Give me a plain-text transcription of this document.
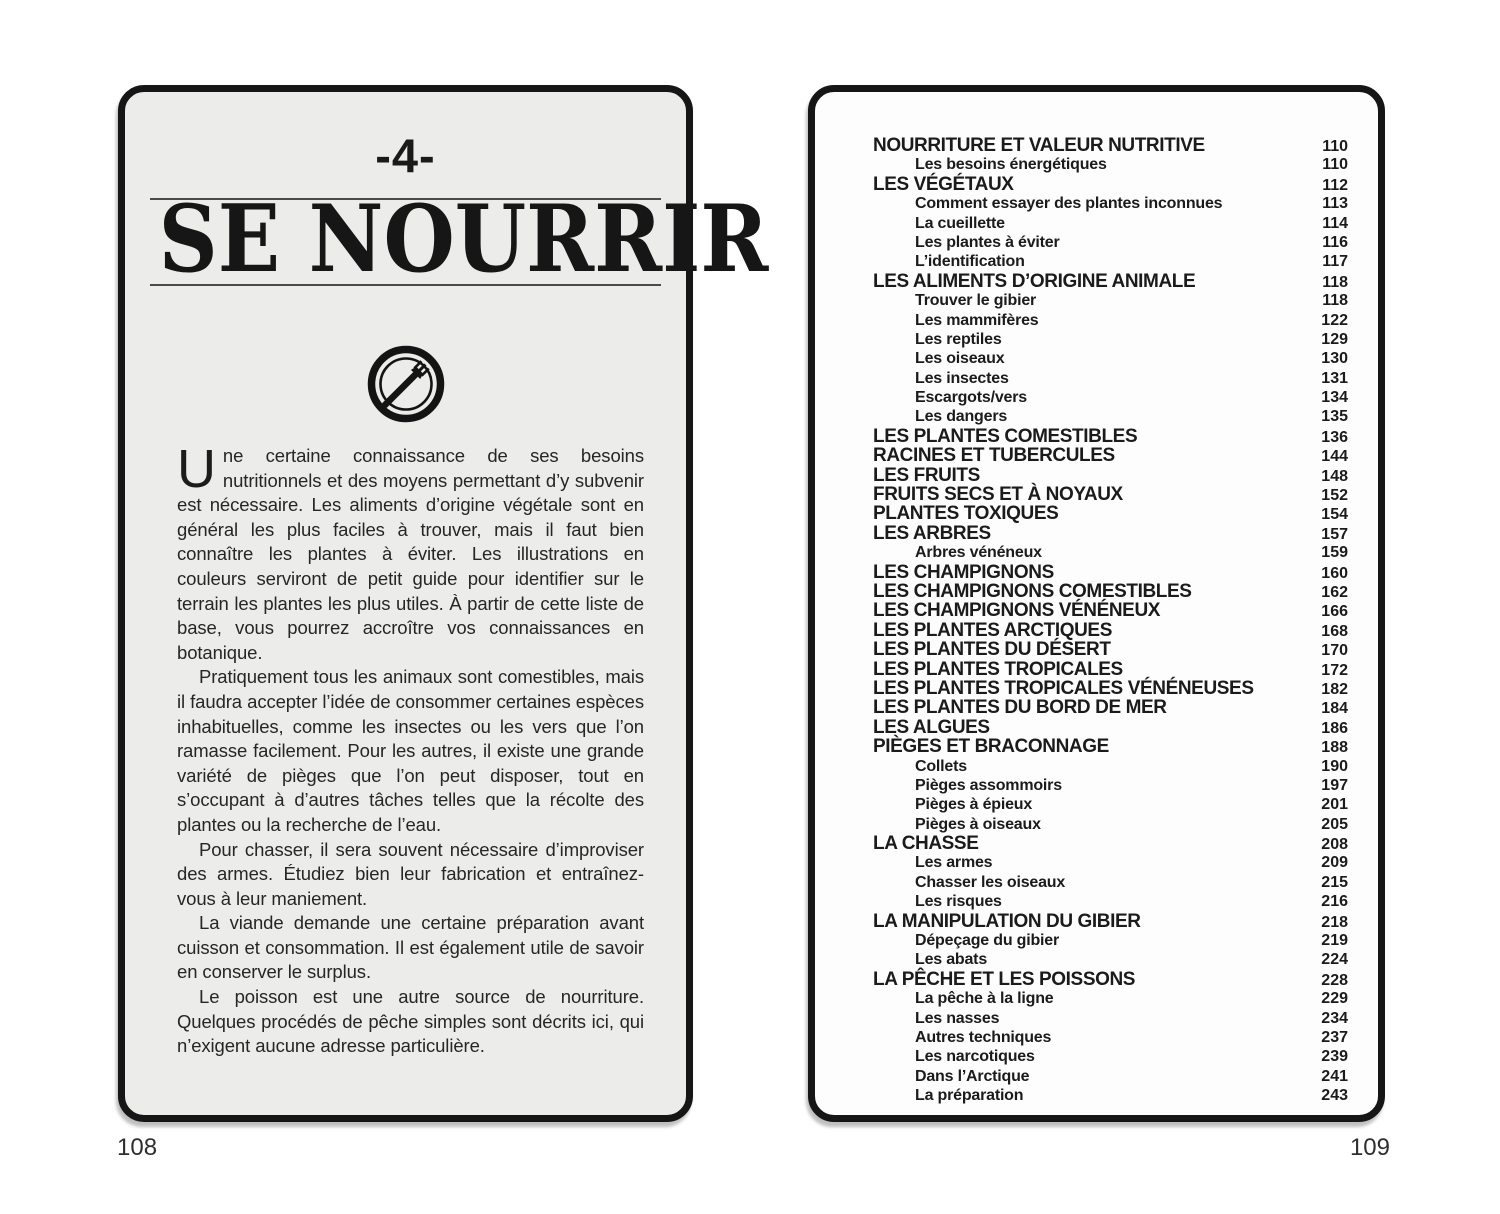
-4-
SE NOURRIR

Une certaine connaissance de ses besoins nutritionnels et des moyens permettant d’y subvenir est nécessaire. Les aliments d’origine végétale sont en général les plus faciles à trouver, mais il faut bien connaître les plantes à éviter. Les illustrations en couleurs serviront de petit guide pour identifier sur le terrain les plantes les plus utiles. À partir de cette liste de base, vous pourrez accroître vos connaissances en botanique.

Pratiquement tous les animaux sont comestibles, mais il faudra accepter l’idée de consommer certaines espèces inhabituelles, comme les insectes ou les vers que l’on ramasse facilement. Pour les autres, il existe une grande variété de pièges que l’on peut disposer, tout en s’occupant à d’autres tâches telles que la récolte des plantes ou la recherche de l’eau.

Pour chasser, il sera souvent nécessaire d’improviser des armes. Étudiez bien leur fabrication et entraînez-vous à leur maniement.

La viande demande une certaine préparation avant cuisson et consommation. Il est également utile de savoir en conserver le surplus.

Le poisson est une autre source de nourriture. Quelques procédés de pêche simples sont décrits ici, qui n’exigent aucune adresse particulière.

NOURRITURE ET VALEUR NUTRITIVE	110
Les besoins énergétiques	110
LES VÉGÉTAUX	112
Comment essayer des plantes inconnues	113
La cueillette	114
Les plantes à éviter	116
L’identification	117
LES ALIMENTS D’ORIGINE ANIMALE	118
Trouver le gibier	118
Les mammifères	122
Les reptiles	129
Les oiseaux	130
Les insectes	131
Escargots/vers	134
Les dangers	135
LES PLANTES COMESTIBLES	136
RACINES ET TUBERCULES	144
LES FRUITS	148
FRUITS SECS ET À NOYAUX	152
PLANTES TOXIQUES	154
LES ARBRES	157
Arbres vénéneux	159
LES CHAMPIGNONS	160
LES CHAMPIGNONS COMESTIBLES	162
LES CHAMPIGNONS VÉNÉNEUX	166
LES PLANTES ARCTIQUES	168
LES PLANTES DU DÉSERT	170
LES PLANTES TROPICALES	172
LES PLANTES TROPICALES VÉNÉNEUSES	182
LES PLANTES DU BORD DE MER	184
LES ALGUES	186
PIÈGES ET BRACONNAGE	188
Collets	190
Pièges assommoirs	197
Pièges à épieux	201
Pièges à oiseaux	205
LA CHASSE	208
Les armes	209
Chasser les oiseaux	215
Les risques	216
LA MANIPULATION DU GIBIER	218
Dépeçage du gibier	219
Les abats	224
LA PÊCHE ET LES POISSONS	228
La pêche à la ligne	229
Les nasses	234
Autres techniques	237
Les narcotiques	239
Dans l’Arctique	241
La préparation	243
108	109
